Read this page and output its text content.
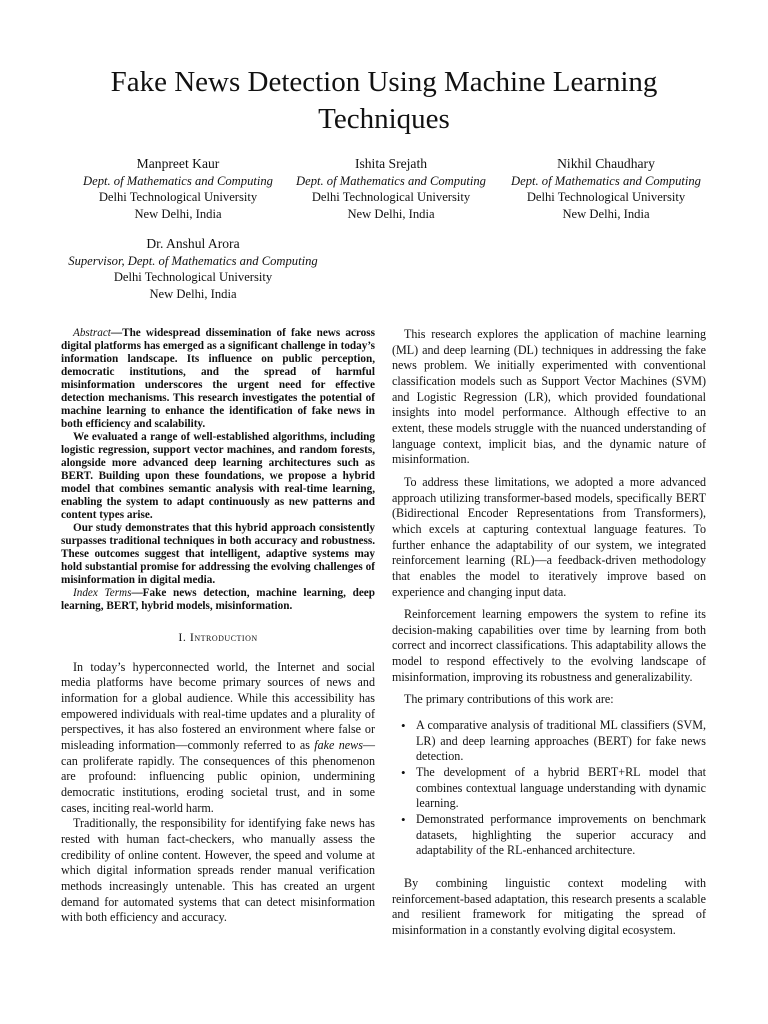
Fake News Detection Using Machine Learning
Techniques
Manpreet Kaur
Dept. of Mathematics and Computing
Delhi Technological University
New Delhi, India
Ishita Srejath
Dept. of Mathematics and Computing
Delhi Technological University
New Delhi, India
Nikhil Chaudhary
Dept. of Mathematics and Computing
Delhi Technological University
New Delhi, India
Dr. Anshul Arora
Supervisor, Dept. of Mathematics and Computing
Delhi Technological University
New Delhi, India

Abstract—The widespread dissemination of fake news across digital platforms has emerged as a significant challenge in today’s information landscape. Its influence on public perception, democratic institutions, and the spread of harmful misinformation underscores the urgent need for effective detection mechanisms. This research investigates the potential of machine learning to enhance the identification of fake news in both efficiency and scalability.

We evaluated a range of well-established algorithms, including logistic regression, support vector machines, and random forests, alongside more advanced deep learning architectures such as BERT. Building upon these foundations, we propose a hybrid model that combines semantic analysis with real-time learning, enabling the system to adapt continuously as new patterns and content types arise.

Our study demonstrates that this hybrid approach consistently surpasses traditional techniques in both accuracy and robustness. These outcomes suggest that intelligent, adaptive systems may hold substantial promise for addressing the evolving challenges of misinformation in digital media.

Index Terms—Fake news detection, machine learning, deep learning, BERT, hybrid models, misinformation.

I. Introduction

In today’s hyperconnected world, the Internet and social media platforms have become primary sources of news and information for a global audience. While this accessibility has empowered individuals with real-time updates and a plurality of perspectives, it has also fostered an environment where false or misleading information—commonly referred to as fake news—can proliferate rapidly. The consequences of this phenomenon are profound: influencing public opinion, undermining democratic institutions, eroding societal trust, and in some cases, inciting real-world harm.

Traditionally, the responsibility for identifying fake news has rested with human fact-checkers, who manually assess the credibility of online content. However, the speed and volume at which digital information spreads render manual verification methods increasingly untenable. This has created an urgent demand for automated systems that can detect misinformation with both efficiency and accuracy.

This research explores the application of machine learning (ML) and deep learning (DL) techniques in addressing the fake news problem. We initially experimented with conventional classification models such as Support Vector Machines (SVM) and Logistic Regression (LR), which provided foundational insights into model performance. Although effective to an extent, these models struggle with the nuanced understanding of language context, implicit bias, and the dynamic nature of misinformation.

To address these limitations, we adopted a more advanced approach utilizing transformer-based models, specifically BERT (Bidirectional Encoder Representations from Transformers), which excels at capturing contextual language features. To further enhance the adaptability of our system, we integrated reinforcement learning (RL)—a feedback-driven methodology that enables the model to iteratively improve based on experience and changing input data.

Reinforcement learning empowers the system to refine its decision-making capabilities over time by learning from both correct and incorrect classifications. This adaptability allows the model to respond effectively to the evolving landscape of misinformation, improving its robustness and generalizability.

The primary contributions of this work are:

• A comparative analysis of traditional ML classifiers (SVM, LR) and deep learning approaches (BERT) for fake news detection.
• The development of a hybrid BERT+RL model that combines contextual language understanding with dynamic learning.
• Demonstrated performance improvements on benchmark datasets, highlighting the superior accuracy and adaptability of the RL-enhanced architecture.

By combining linguistic context modeling with reinforcement-based adaptation, this research presents a scalable and resilient framework for mitigating the spread of misinformation in a constantly evolving digital ecosystem.
